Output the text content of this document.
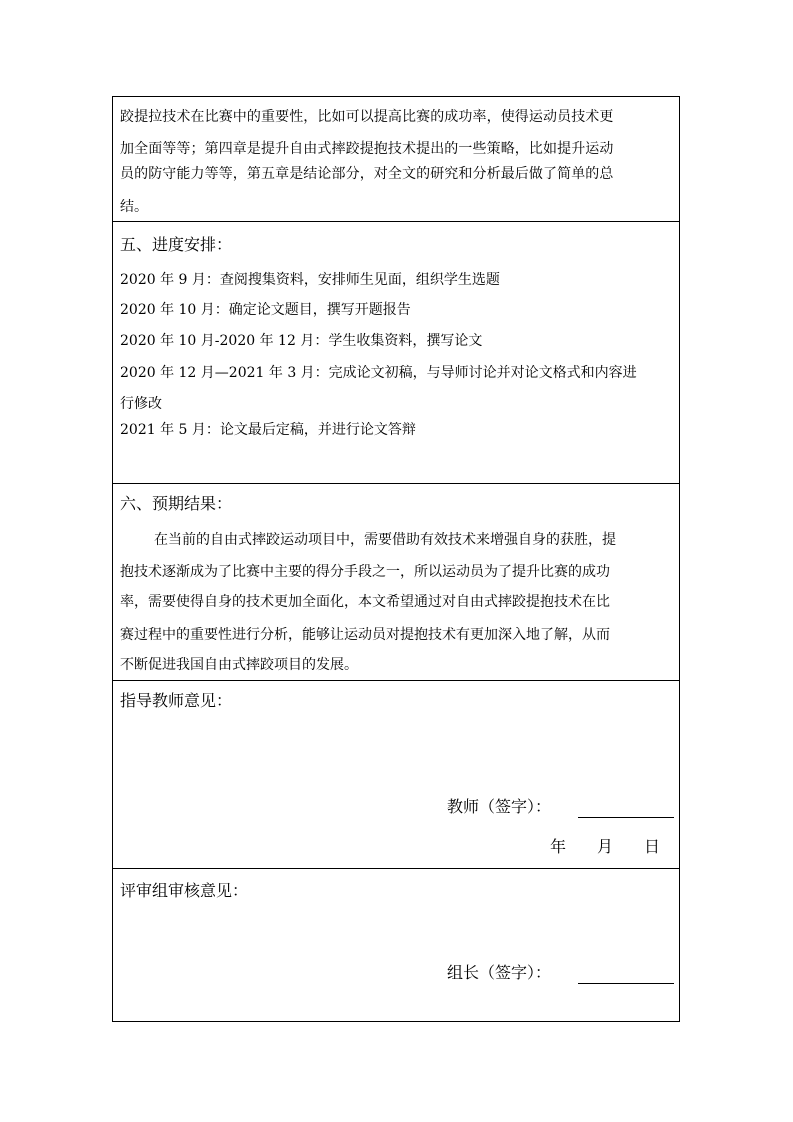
跤提拉技术在比赛中的重要性，比如可以提高比赛的成功率，使得运动员技术更
加全面等等；第四章是提升自由式摔跤提抱技术提出的一些策略，比如提升运动
员的防守能力等等，第五章是结论部分，对全文的研究和分析最后做了简单的总
结。
五、进度安排：
2020 年 9 月：查阅搜集资料，安排师生见面，组织学生选题
2020 年 10 月：确定论文题目，撰写开题报告
2020 年 10 月-2020 年 12 月：学生收集资料，撰写论文
2020 年 12 月—2021 年 3 月：完成论文初稿，与导师讨论并对论文格式和内容进
行修改
2021 年 5 月：论文最后定稿，并进行论文答辩
六、预期结果：
在当前的自由式摔跤运动项目中，需要借助有效技术来增强自身的获胜，提
抱技术逐渐成为了比赛中主要的得分手段之一，所以运动员为了提升比赛的成功
率，需要使得自身的技术更加全面化，本文希望通过对自由式摔跤提抱技术在比
赛过程中的重要性进行分析，能够让运动员对提抱技术有更加深入地了解，从而
不断促进我国自由式摔跤项目的发展。
指导教师意见：
教师（签字）：
年 月 日
评审组审核意见：
组长（签字）：
